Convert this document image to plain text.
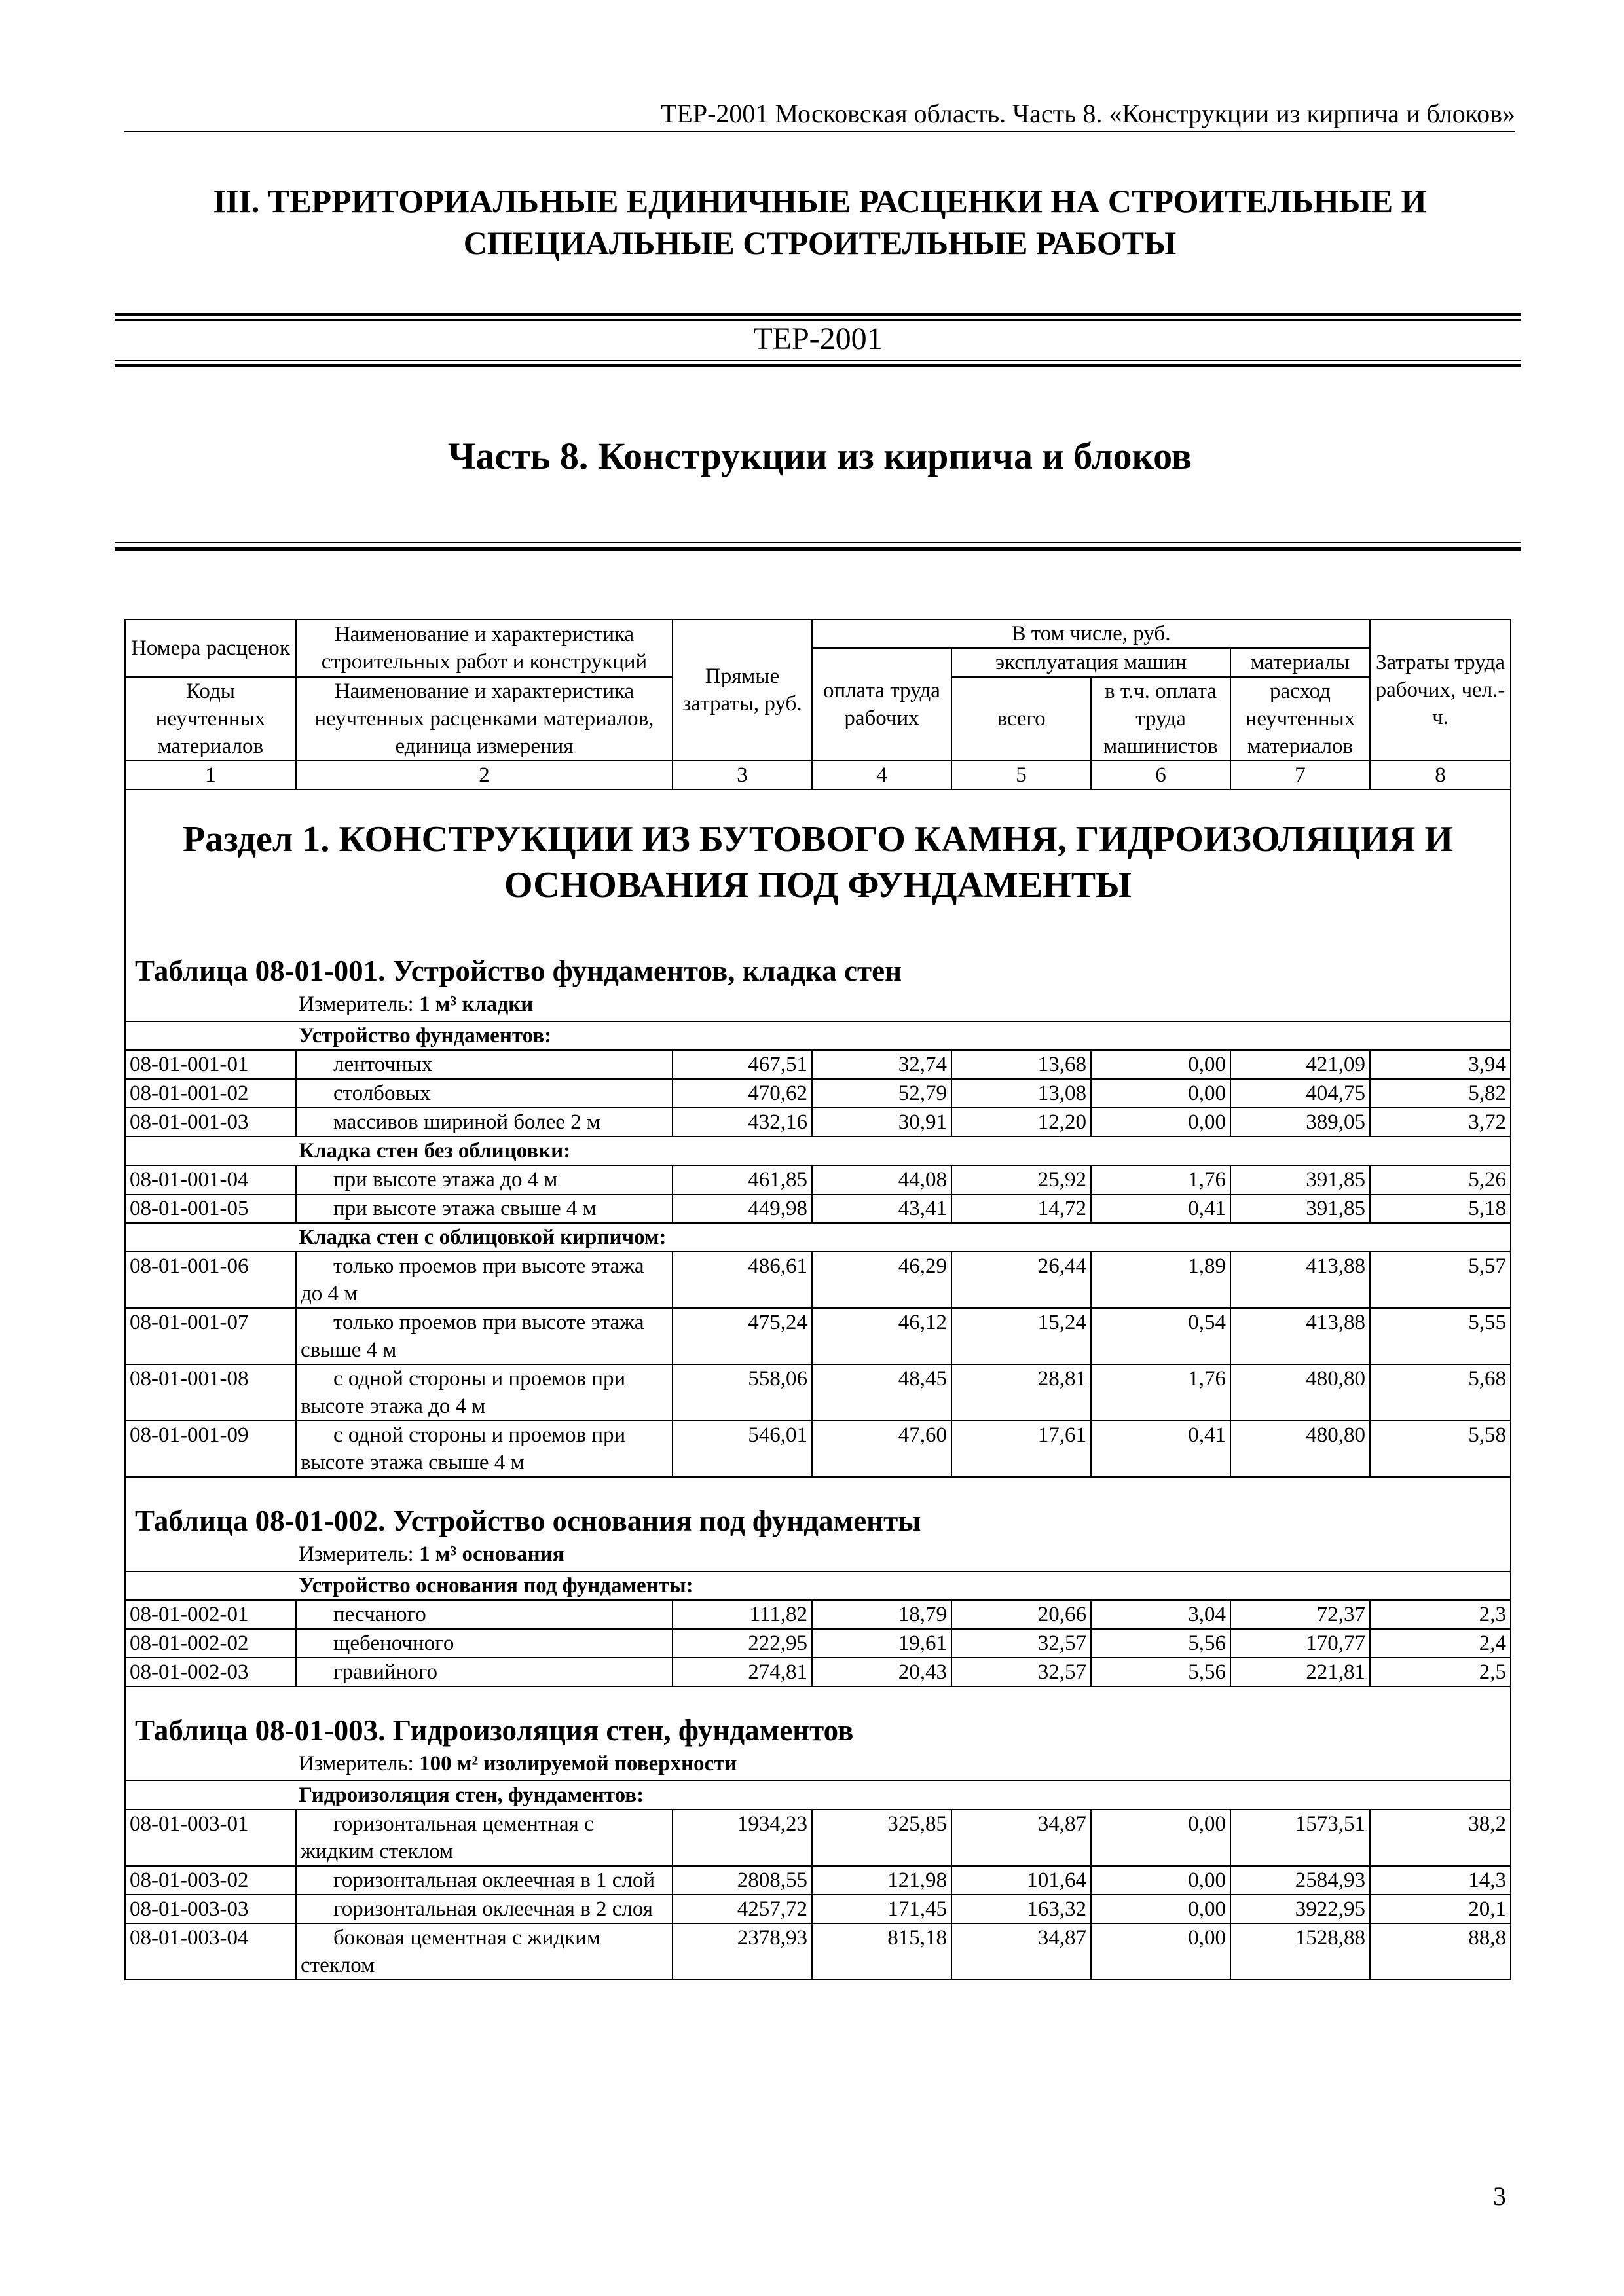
ТЕР-2001 Московская область. Часть 8. «Конструкции из кирпича и блоков»
III. ТЕРРИТОРИАЛЬНЫЕ ЕДИНИЧНЫЕ РАСЦЕНКИ НА СТРОИТЕЛЬНЫЕ И
СПЕЦИАЛЬНЫЕ СТРОИТЕЛЬНЫЕ РАБОТЫ
ТЕР-2001
Часть 8. Конструкции из кирпича и блоков
Номера расценок	Наименование и характеристика строительных работ и конструкций	Прямые затраты, руб.	В том числе, руб.				Затраты труда рабочих, чел.-ч.
			оплата труда рабочих	эксплуатация машин		материалы	
Коды неучтенных материалов	Наименование и характеристика неучтенных расценками материалов, единица измерения			всего	в т.ч. оплата труда машинистов	расход неучтенных материалов	

1	2	3	4	5	6	7	8

Раздел 1. КОНСТРУКЦИИ ИЗ БУТОВОГО КАМНЯ, ГИДРОИЗОЛЯЦИЯ И
ОСНОВАНИЯ ПОД ФУНДАМЕНТЫ							

Таблица 08-01-001. Устройство фундаментов, кладка стен
Измеритель: 1 м³ кладки							

Устройство фундаментов:							
08-01-001-01	ленточных	467,51	32,74	13,68	0,00	421,09	3,94
08-01-001-02	столбовых	470,62	52,79	13,08	0,00	404,75	5,82
08-01-001-03	массивов шириной более 2 м	432,16	30,91	12,20	0,00	389,05	3,72
Кладка стен без облицовки:							
08-01-001-04	при высоте этажа до 4 м	461,85	44,08	25,92	1,76	391,85	5,26
08-01-001-05	при высоте этажа свыше 4 м	449,98	43,41	14,72	0,41	391,85	5,18
Кладка стен с облицовкой кирпичом:							
08-01-001-06	только проемов при высоте этажа до 4 м	486,61	46,29	26,44	1,89	413,88	5,57
08-01-001-07	только проемов при высоте этажа свыше 4 м	475,24	46,12	15,24	0,54	413,88	5,55
08-01-001-08	с одной стороны и проемов при высоте этажа до 4 м	558,06	48,45	28,81	1,76	480,80	5,68
08-01-001-09	с одной стороны и проемов при высоте этажа свыше 4 м	546,01	47,60	17,61	0,41	480,80	5,58

Таблица 08-01-002. Устройство основания под фундаменты
Измеритель: 1 м³ основания							

Устройство основания под фундаменты:							
08-01-002-01	песчаного	111,82	18,79	20,66	3,04	72,37	2,3
08-01-002-02	щебеночного	222,95	19,61	32,57	5,56	170,77	2,4
08-01-002-03	гравийного	274,81	20,43	32,57	5,56	221,81	2,5

Таблица 08-01-003. Гидроизоляция стен, фундаментов
Измеритель: 100 м² изолируемой поверхности							

Гидроизоляция стен, фундаментов:							
08-01-003-01	горизонтальная цементная с жидким стеклом	1934,23	325,85	34,87	0,00	1573,51	38,2
08-01-003-02	горизонтальная оклеечная в 1 слой	2808,55	121,98	101,64	0,00	2584,93	14,3
08-01-003-03	горизонтальная оклеечная в 2 слоя	4257,72	171,45	163,32	0,00	3922,95	20,1
08-01-003-04	боковая цементная с жидким стеклом	2378,93	815,18	34,87	0,00	1528,88	88,8
3
